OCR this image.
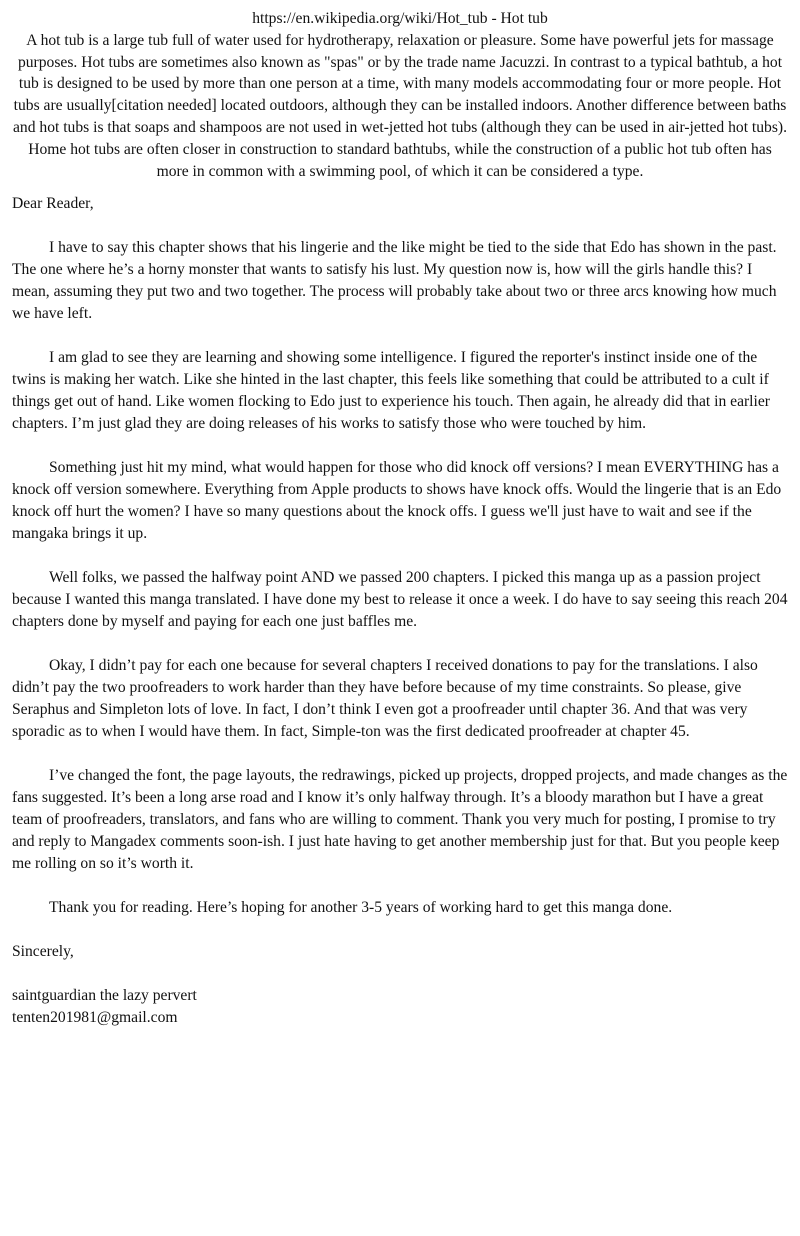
https://en.wikipedia.org/wiki/Hot_tub - Hot tub
A hot tub is a large tub full of water used for hydrotherapy, relaxation or pleasure. Some have powerful jets for massage purposes. Hot tubs are sometimes also known as "spas" or by the trade name Jacuzzi. In contrast to a typical bathtub, a hot tub is designed to be used by more than one person at a time, with many models accommodating four or more people. Hot tubs are usually[citation needed] located outdoors, although they can be installed indoors. Another difference between baths and hot tubs is that soaps and shampoos are not used in wet-jetted hot tubs (although they can be used in air-jetted hot tubs). Home hot tubs are often closer in construction to standard bathtubs, while the construction of a public hot tub often has more in common with a swimming pool, of which it can be considered a type.

Dear Reader,

I have to say this chapter shows that his lingerie and the like might be tied to the side that Edo has shown in the past. The one where he’s a horny monster that wants to satisfy his lust. My question now is, how will the girls handle this? I mean, assuming they put two and two together. The process will probably take about two or three arcs knowing how much we have left.

I am glad to see they are learning and showing some intelligence. I figured the reporter's instinct inside one of the twins is making her watch. Like she hinted in the last chapter, this feels like something that could be attributed to a cult if things get out of hand. Like women flocking to Edo just to experience his touch. Then again, he already did that in earlier chapters. I’m just glad they are doing releases of his works to satisfy those who were touched by him.

Something just hit my mind, what would happen for those who did knock off versions? I mean EVERYTHING has a knock off version somewhere. Everything from Apple products to shows have knock offs. Would the lingerie that is an Edo knock off hurt the women? I have so many questions about the knock offs. I guess we'll just have to wait and see if the mangaka brings it up.

Well folks, we passed the halfway point AND we passed 200 chapters. I picked this manga up as a passion project because I wanted this manga translated. I have done my best to release it once a week. I do have to say seeing this reach 204 chapters done by myself and paying for each one just baffles me.

Okay, I didn’t pay for each one because for several chapters I received donations to pay for the translations. I also didn’t pay the two proofreaders to work harder than they have before because of my time constraints. So please, give Seraphus and Simpleton lots of love. In fact, I don’t think I even got a proofreader until chapter 36. And that was very sporadic as to when I would have them. In fact, Simple-ton was the first dedicated proofreader at chapter 45.

I’ve changed the font, the page layouts, the redrawings, picked up projects, dropped projects, and made changes as the fans suggested. It’s been a long arse road and I know it’s only halfway through. It’s a bloody marathon but I have a great team of proofreaders, translators, and fans who are willing to comment. Thank you very much for posting, I promise to try and reply to Mangadex comments soon-ish. I just hate having to get another membership just for that. But you people keep me rolling on so it’s worth it.

Thank you for reading. Here’s hoping for another 3-5 years of working hard to get this manga done.

Sincerely,

saintguardian the lazy pervert
tenten201981@gmail.com
